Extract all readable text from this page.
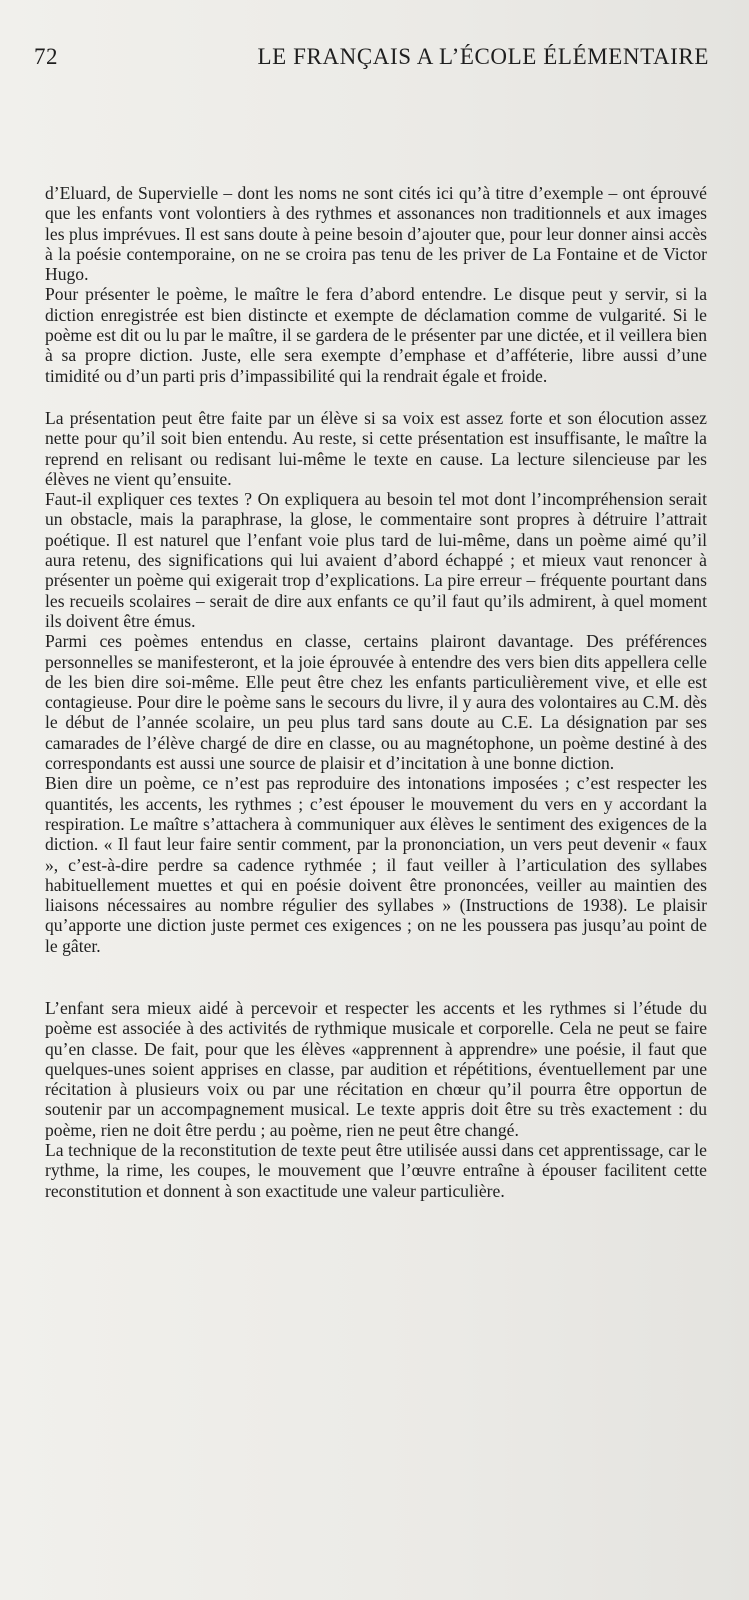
72	LE FRANÇAIS A L’ÉCOLE ÉLÉMENTAIRE

d’Eluard, de Supervielle – dont les noms ne sont cités ici qu’à titre d’exemple – ont éprouvé que les enfants vont volontiers à des rythmes et assonances non traditionnels et aux images les plus imprévues. Il est sans doute à peine besoin d’ajouter que, pour leur donner ainsi accès à la poésie contemporaine, on ne se croira pas tenu de les priver de La Fontaine et de Victor Hugo.

Pour présenter le poème, le maître le fera d’abord entendre. Le disque peut y servir, si la diction enregistrée est bien distincte et exempte de déclamation comme de vulgarité. Si le poème est dit ou lu par le maître, il se gardera de le présenter par une dictée, et il veillera bien à sa propre diction. Juste, elle sera exempte d’emphase et d’afféterie, libre aussi d’une timidité ou d’un parti pris d’impassibilité qui la rendrait égale et froide.

La présentation peut être faite par un élève si sa voix est assez forte et son élocution assez nette pour qu’il soit bien entendu. Au reste, si cette présentation est insuffisante, le maître la reprend en relisant ou redisant lui-même le texte en cause. La lecture silencieuse par les élèves ne vient qu’ensuite.

Faut-il expliquer ces textes ? On expliquera au besoin tel mot dont l’incompréhension serait un obstacle, mais la paraphrase, la glose, le commentaire sont propres à détruire l’attrait poétique. Il est naturel que l’enfant voie plus tard de lui-même, dans un poème aimé qu’il aura retenu, des significations qui lui avaient d’abord échappé ; et mieux vaut renoncer à présenter un poème qui exigerait trop d’explications. La pire erreur – fréquente pourtant dans les recueils scolaires – serait de dire aux enfants ce qu’il faut qu’ils admirent, à quel moment ils doivent être émus.

Parmi ces poèmes entendus en classe, certains plairont davantage. Des préférences personnelles se manifesteront, et la joie éprouvée à entendre des vers bien dits appellera celle de les bien dire soi-même. Elle peut être chez les enfants particulièrement vive, et elle est contagieuse. Pour dire le poème sans le secours du livre, il y aura des volontaires au C.M. dès le début de l’année scolaire, un peu plus tard sans doute au C.E. La désignation par ses camarades de l’élève chargé de dire en classe, ou au magnétophone, un poème destiné à des correspondants est aussi une source de plaisir et d’incitation à une bonne diction.

Bien dire un poème, ce n’est pas reproduire des intonations imposées ; c’est respecter les quantités, les accents, les rythmes ; c’est épouser le mouvement du vers en y accordant la respiration. Le maître s’attachera à communiquer aux élèves le sentiment des exigences de la diction. « Il faut leur faire sentir comment, par la prononciation, un vers peut devenir « faux », c’est-à-dire perdre sa cadence rythmée ; il faut veiller à l’articulation des syllabes habituellement muettes et qui en poésie doivent être prononcées, veiller au maintien des liaisons nécessaires au nombre régulier des syllabes » (Instructions de 1938). Le plaisir qu’apporte une diction juste permet ces exigences ; on ne les poussera pas jusqu’au point de le gâter.

L’enfant sera mieux aidé à percevoir et respecter les accents et les rythmes si l’étude du poème est associée à des activités de rythmique musicale et corporelle. Cela ne peut se faire qu’en classe. De fait, pour que les élèves «apprennent à apprendre» une poésie, il faut que quelques-unes soient apprises en classe, par audition et répétitions, éventuellement par une récitation à plusieurs voix ou par une récitation en chœur qu’il pourra être opportun de soutenir par un accompagnement musical. Le texte appris doit être su très exactement : du poème, rien ne doit être perdu ; au poème, rien ne peut être changé.

La technique de la reconstitution de texte peut être utilisée aussi dans cet apprentissage, car le rythme, la rime, les coupes, le mouvement que l’œuvre entraîne à épouser facilitent cette reconstitution et donnent à son exactitude une valeur particulière.
